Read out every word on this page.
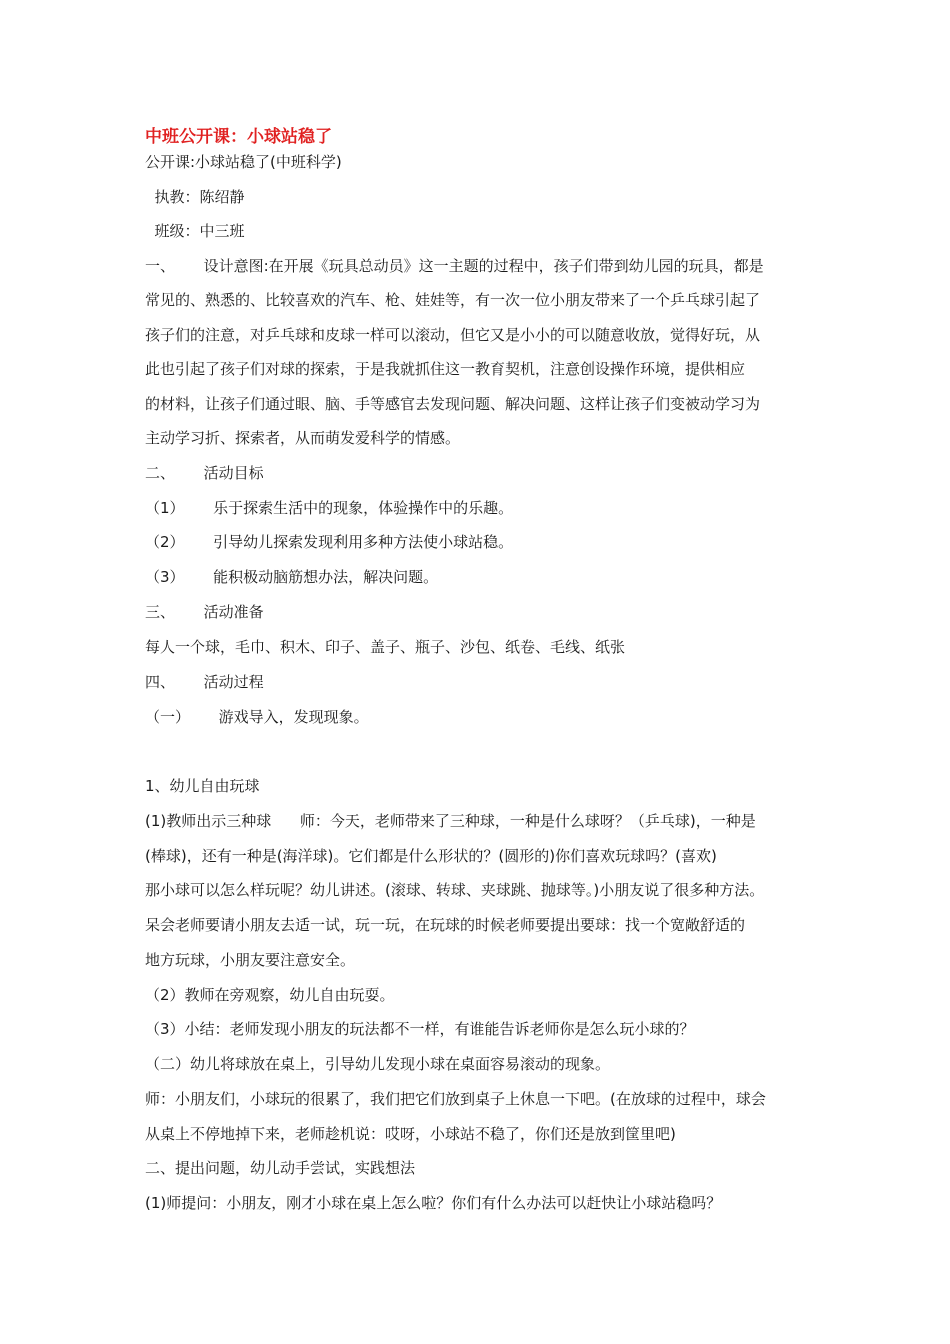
中班公开课：小球站稳了
公开课:小球站稳了(中班科学)
执教：陈绍静
班级：中三班
一、      设计意图:在开展《玩具总动员》这一主题的过程中，孩子们带到幼儿园的玩具，都是
常见的、熟悉的、比较喜欢的汽车、枪、娃娃等，有一次一位小朋友带来了一个乒乓球引起了
孩子们的注意，对乒乓球和皮球一样可以滚动，但它又是小小的可以随意收放，觉得好玩，从
此也引起了孩子们对球的探索，于是我就抓住这一教育契机，注意创设操作环境，提供相应
的材料，让孩子们通过眼、脑、手等感官去发现问题、解决问题、这样让孩子们变被动学习为
主动学习折、探索者，从而萌发爱科学的情感。
二、      活动目标
（1）      乐于探索生活中的现象，体验操作中的乐趣。
（2）      引导幼儿探索发现利用多种方法使小球站稳。
（3）      能积极动脑筋想办法，解决问题。
三、      活动准备
每人一个球，毛巾、积木、印子、盖子、瓶子、沙包、纸卷、毛线、纸张
四、      活动过程
（一）      游戏导入，发现现象。
1、幼儿自由玩球
(1)教师出示三种球      师：今天，老师带来了三种球，一种是什么球呀？（乒乓球)，一种是
(棒球)，还有一种是(海洋球)。它们都是什么形状的？(圆形的)你们喜欢玩球吗？(喜欢)
那小球可以怎么样玩呢？幼儿讲述。(滚球、转球、夹球跳、抛球等。)小朋友说了很多种方法。
呆会老师要请小朋友去适一试，玩一玩，在玩球的时候老师要提出要球：找一个宽敞舒适的
地方玩球，小朋友要注意安全。
（2）教师在旁观察，幼儿自由玩耍。
（3）小结：老师发现小朋友的玩法都不一样，有谁能告诉老师你是怎么玩小球的？
（二）幼儿将球放在桌上，引导幼儿发现小球在桌面容易滚动的现象。
师：小朋友们，小球玩的很累了，我们把它们放到桌子上休息一下吧。(在放球的过程中，球会
从桌上不停地掉下来，老师趁机说：哎呀，小球站不稳了，你们还是放到筐里吧)
二、提出问题，幼儿动手尝试，实践想法
(1)师提问：小朋友，刚才小球在桌上怎么啦？你们有什么办法可以赶快让小球站稳吗？
